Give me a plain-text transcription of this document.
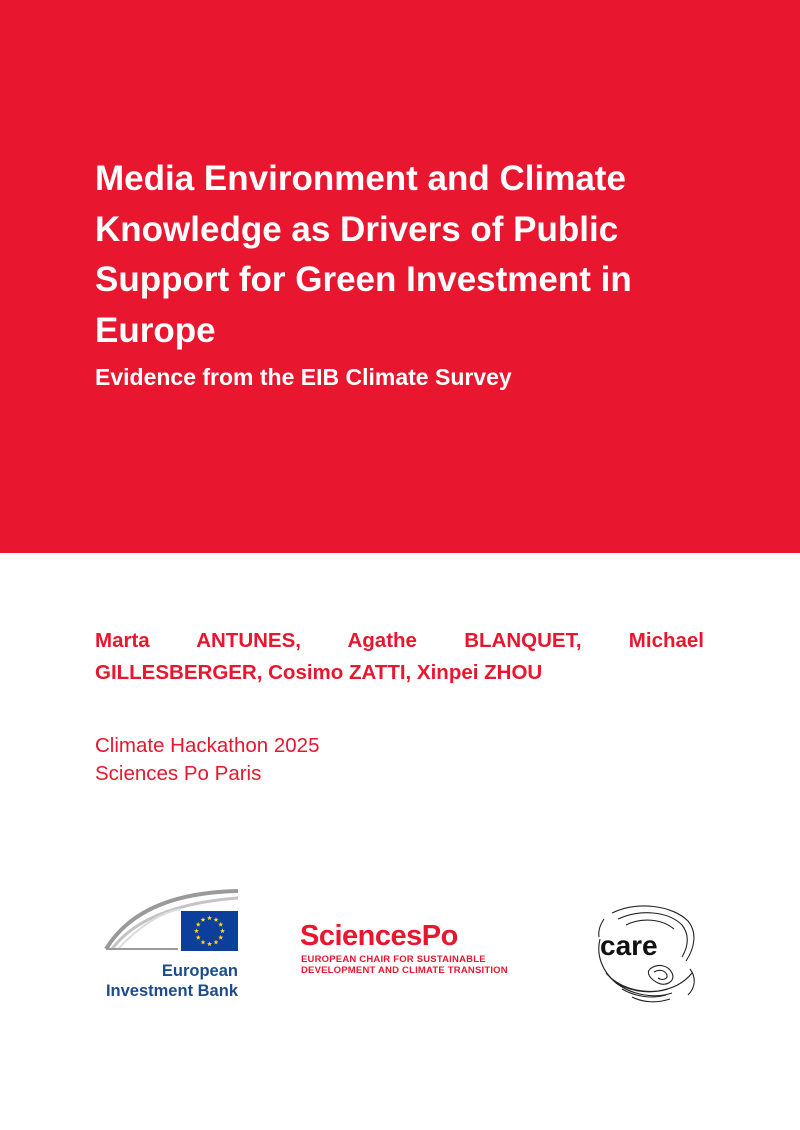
Media Environment and Climate Knowledge as Drivers of Public Support for Green Investment in Europe
Evidence from the EIB Climate Survey

Marta ANTUNES, Agathe BLANQUET, Michael GILLESBERGER, Cosimo ZATTI, Xinpei ZHOU

Climate Hackathon 2025
Sciences Po Paris

European
Investment Bank
SciencesPo
EUROPEAN CHAIR FOR SUSTAINABLE
DEVELOPMENT AND CLIMATE TRANSITION
care
